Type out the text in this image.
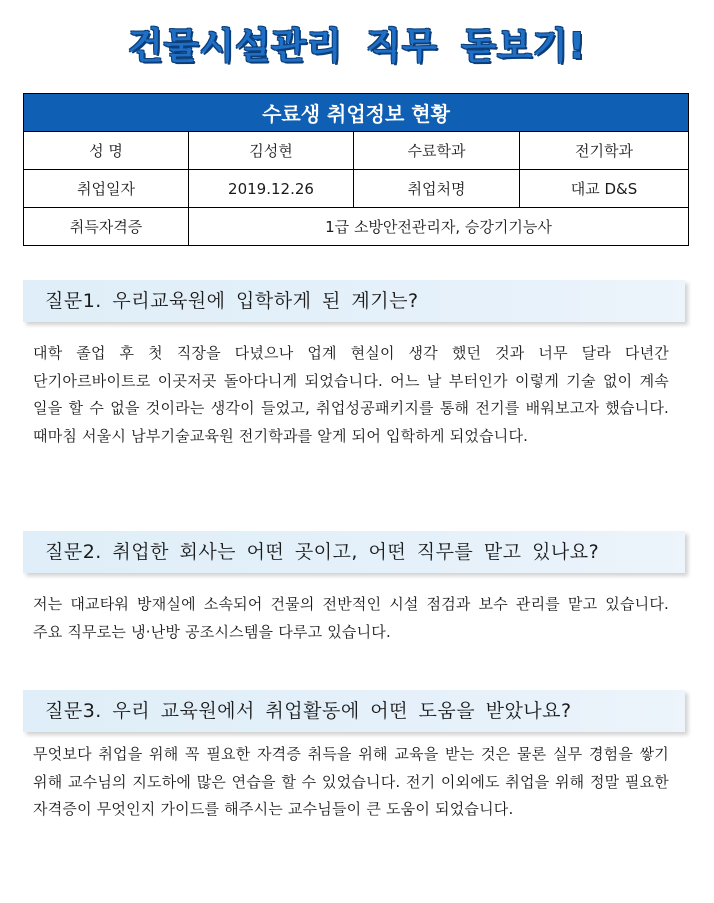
건물시설관리 직무 돋보기!
수료생 취업정보 현황			
성 명	김성현	수료학과	전기학과
취업일자	2019.12.26	취업처명	대교 D&S
취득자격증	1급 소방안전관리자, 승강기기능사		
질문1. 우리교육원에 입학하게 된 계기는?

대학 졸업 후 첫 직장을 다녔으나 업계 현실이 생각 했던 것과 너무 달라 다년간 단기아르바이트로 이곳저곳 돌아다니게 되었습니다. 어느 날 부터인가 이렇게 기술 없이 계속 일을 할 수 없을 것이라는 생각이 들었고, 취업성공패키지를 통해 전기를 배워보고자 했습니다. 때마침 서울시 남부기술교육원 전기학과를 알게 되어 입학하게 되었습니다.

질문2. 취업한 회사는 어떤 곳이고, 어떤 직무를 맡고 있나요?

저는 대교타워 방재실에 소속되어 건물의 전반적인 시설 점검과 보수 관리를 맡고 있습니다. 주요 직무로는 냉·난방 공조시스템을 다루고 있습니다.

질문3. 우리 교육원에서 취업활동에 어떤 도움을 받았나요?

무엇보다 취업을 위해 꼭 필요한 자격증 취득을 위해 교육을 받는 것은 물론 실무 경험을 쌓기 위해 교수님의 지도하에 많은 연습을 할 수 있었습니다. 전기 이외에도 취업을 위해 정말 필요한 자격증이 무엇인지 가이드를 해주시는 교수님들이 큰 도움이 되었습니다.
